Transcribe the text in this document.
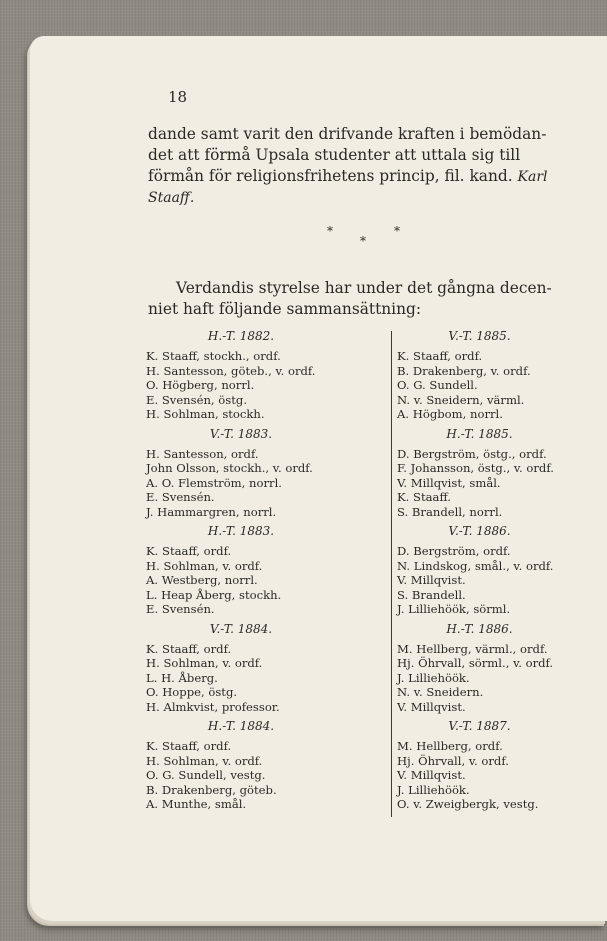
18

dande samt varit den drifvande kraften i bemödan-
det att förmå Upsala studenter att uttala sig till
förmån för religionsfrihetens princip, fil. kand. Karl
Staaff.
*
*
*
Verdandis styrelse har under det gångna decen-
niet haft följande sammansättning:
H.-T. 1882.
K. Staaff, stockh., ordf.
H. Santesson, göteb., v. ordf.
O. Högberg, norrl.
E. Svensén, östg.
H. Sohlman, stockh.
V.-T. 1883.
H. Santesson, ordf.
John Olsson, stockh., v. ordf.
A. O. Flemström, norrl.
E. Svensén.
J. Hammargren, norrl.
H.-T. 1883.
K. Staaff, ordf.
H. Sohlman, v. ordf.
A. Westberg, norrl.
L. Heap Åberg, stockh.
E. Svensén.
V.-T. 1884.
K. Staaff, ordf.
H. Sohlman, v. ordf.
L. H. Åberg.
O. Hoppe, östg.
H. Almkvist, professor.
H.-T. 1884.
K. Staaff, ordf.
H. Sohlman, v. ordf.
O. G. Sundell, vestg.
B. Drakenberg, göteb.
A. Munthe, smål.
V.-T. 1885.
K. Staaff, ordf.
B. Drakenberg, v. ordf.
O. G. Sundell.
N. v. Sneidern, värml.
A. Högbom, norrl.
H.-T. 1885.
D. Bergström, östg., ordf.
F. Johansson, östg., v. ordf.
V. Millqvist, smål.
K. Staaff.
S. Brandell, norrl.
V.-T. 1886.
D. Bergström, ordf.
N. Lindskog, smål., v. ordf.
V. Millqvist.
S. Brandell.
J. Lilliehöök, sörml.
H.-T. 1886.
M. Hellberg, värml., ordf.
Hj. Öhrvall, sörml., v. ordf.
J. Lilliehöök.
N. v. Sneidern.
V. Millqvist.
V.-T. 1887.
M. Hellberg, ordf.
Hj. Öhrvall, v. ordf.
V. Millqvist.
J. Lilliehöök.
O. v. Zweigbergk, vestg.
